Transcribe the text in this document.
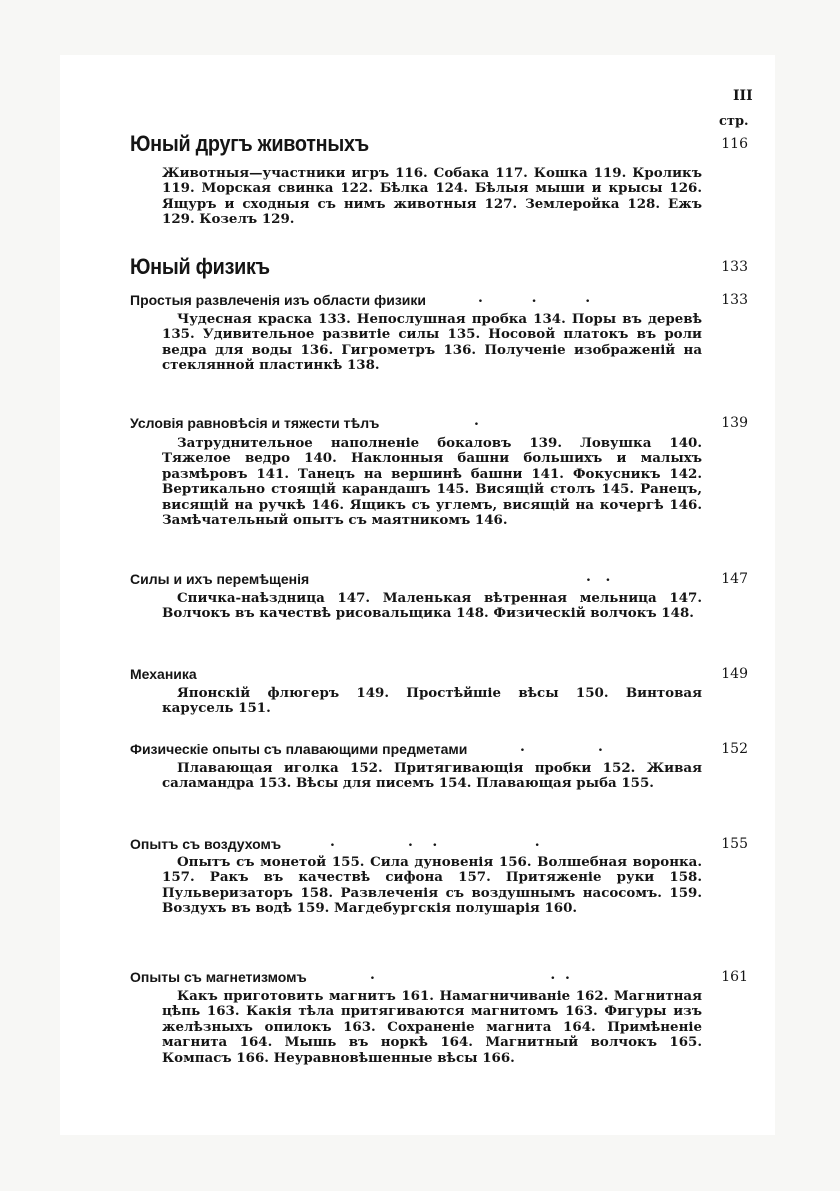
III
стр.
Юный другъ животныхъ	116
Животныя—участники игръ 116. Собака 117. Кошка 119. Кроликъ 119. Морская свинка 122. Бѣлка 124. Бѣлыя мыши и крысы 126. Ящуръ и сходныя съ нимъ животныя 127. Землеройка 128. Ежъ 129. Козелъ 129.
Юный физикъ	133
Простыя развлеченія изъ области физики	.          .          .	133
Чудесная краска 133. Непослушная пробка 134. Поры въ деревѣ 135. Удивительное развитіе силы 135. Носовой платокъ въ роли ведра для воды 136. Гигрометръ 136. Полученіе изображеній на стеклянной пластинкѣ 138.
Условія равновѣсія и тяжести тѣлъ	.	139
Затруднительное наполненіе бокаловъ 139. Ловушка 140. Тяжелое ведро 140. Наклонныя башни большихъ и малыхъ размѣровъ 141. Танецъ на вершинѣ башни 141. Фокусникъ 142. Вертикально стоящій карандашъ 145. Висящій столъ 145. Ранецъ, висящій на ручкѣ 146. Ящикъ съ углемъ, висящій на кочергѣ 146. Замѣчательный опытъ съ маятникомъ 146.
Силы и ихъ перемѣщенія	.   .	147
Спичка-наѣздница 147. Маленькая вѣтренная мельница 147. Волчокъ въ качествѣ рисовальщика 148. Физическій волчокъ 148.
Механика	149
Японскій флюгеръ 149. Простѣйшіе вѣсы 150. Винтовая карусель 151.
Физическіе опыты съ плавающими предметами	.               .	152
Плавающая иголка 152. Притягивающія пробки 152. Живая саламандра 153. Вѣсы для писемъ 154. Плавающая рыба 155.
Опытъ съ воздухомъ	.               .    .                    .	155
Опытъ съ монетой 155. Сила дуновенія 156. Волшебная воронка. 157. Ракъ въ качествѣ сифона 157. Притяженіе руки 158. Пульверизаторъ 158. Развлеченія съ воздушнымъ насосомъ. 159. Воздухъ въ водѣ 159. Магдебургскія полушарія 160.
Опыты съ магнетизмомъ	.                                    .  .	161
Какъ приготовить магнитъ 161. Намагничиваніе 162. Магнитная цѣпь 163. Какія тѣла притягиваются магнитомъ 163. Фигуры изъ желѣзныхъ опилокъ 163. Сохраненіе магнита 164. Примѣненіе магнита 164. Мышь въ норкѣ 164. Магнитный волчокъ 165. Компасъ 166. Неуравновѣшенные вѣсы 166.
